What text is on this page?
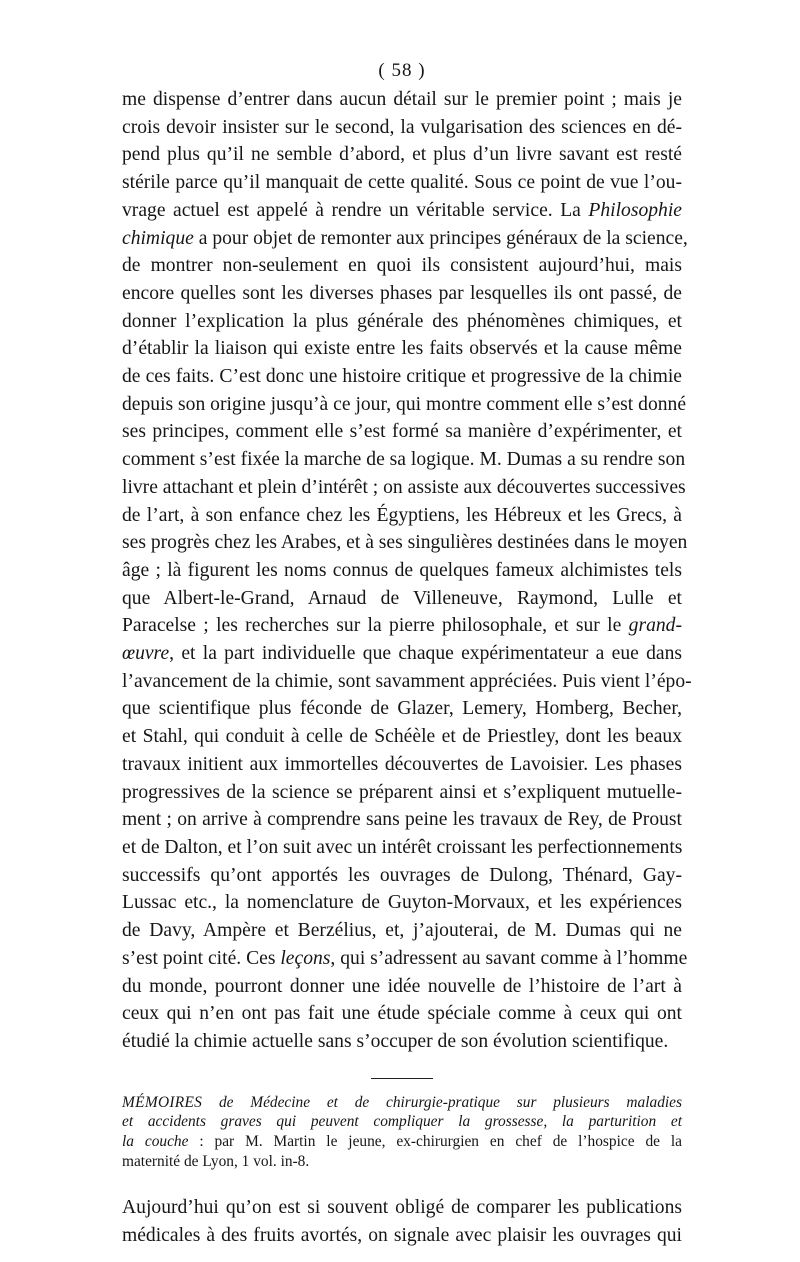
( 58 )
me dispense d’entrer dans aucun détail sur le premier point ; mais je
crois devoir insister sur le second, la vulgarisation des sciences en dé-
pend plus qu’il ne semble d’abord, et plus d’un livre savant est resté
stérile parce qu’il manquait de cette qualité. Sous ce point de vue l’ou-
vrage actuel est appelé à rendre un véritable service. La Philosophie
chimique a pour objet de remonter aux principes généraux de la science,
de montrer non-seulement en quoi ils consistent aujourd’hui, mais
encore quelles sont les diverses phases par lesquelles ils ont passé, de
donner l’explication la plus générale des phénomènes chimiques, et
d’établir la liaison qui existe entre les faits observés et la cause même
de ces faits. C’est donc une histoire critique et progressive de la chimie
depuis son origine jusqu’à ce jour, qui montre comment elle s’est donné
ses principes, comment elle s’est formé sa manière d’expérimenter, et
comment s’est fixée la marche de sa logique. M. Dumas a su rendre son
livre attachant et plein d’intérêt ; on assiste aux découvertes successives
de l’art, à son enfance chez les Égyptiens, les Hébreux et les Grecs, à
ses progrès chez les Arabes, et à ses singulières destinées dans le moyen
âge ; là figurent les noms connus de quelques fameux alchimistes tels
que Albert-le-Grand, Arnaud de Villeneuve, Raymond, Lulle et
Paracelse ; les recherches sur la pierre philosophale, et sur le grand-
œuvre, et la part individuelle que chaque expérimentateur a eue dans
l’avancement de la chimie, sont savamment appréciées. Puis vient l’épo-
que scientifique plus féconde de Glazer, Lemery, Homberg, Becher,
et Stahl, qui conduit à celle de Schéèle et de Priestley, dont les beaux
travaux initient aux immortelles découvertes de Lavoisier. Les phases
progressives de la science se préparent ainsi et s’expliquent mutuelle-
ment ; on arrive à comprendre sans peine les travaux de Rey, de Proust
et de Dalton, et l’on suit avec un intérêt croissant les perfectionnements
successifs qu’ont apportés les ouvrages de Dulong, Thénard, Gay-
Lussac etc., la nomenclature de Guyton-Morvaux, et les expériences
de Davy, Ampère et Berzélius, et, j’ajouterai, de M. Dumas qui ne
s’est point cité. Ces leçons, qui s’adressent au savant comme à l’homme
du monde, pourront donner une idée nouvelle de l’histoire de l’art à
ceux qui n’en ont pas fait une étude spéciale comme à ceux qui ont
étudié la chimie actuelle sans s’occuper de son évolution scientifique.
MÉMOIRES de Médecine et de chirurgie-pratique sur plusieurs maladies
et accidents graves qui peuvent compliquer la grossesse, la parturition et
la couche : par M. Martin le jeune, ex-chirurgien en chef de l’hospice de la
maternité de Lyon, 1 vol. in-8.
Aujourd’hui qu’on est si souvent obligé de comparer les publications
médicales à des fruits avortés, on signale avec plaisir les ouvrages qui
